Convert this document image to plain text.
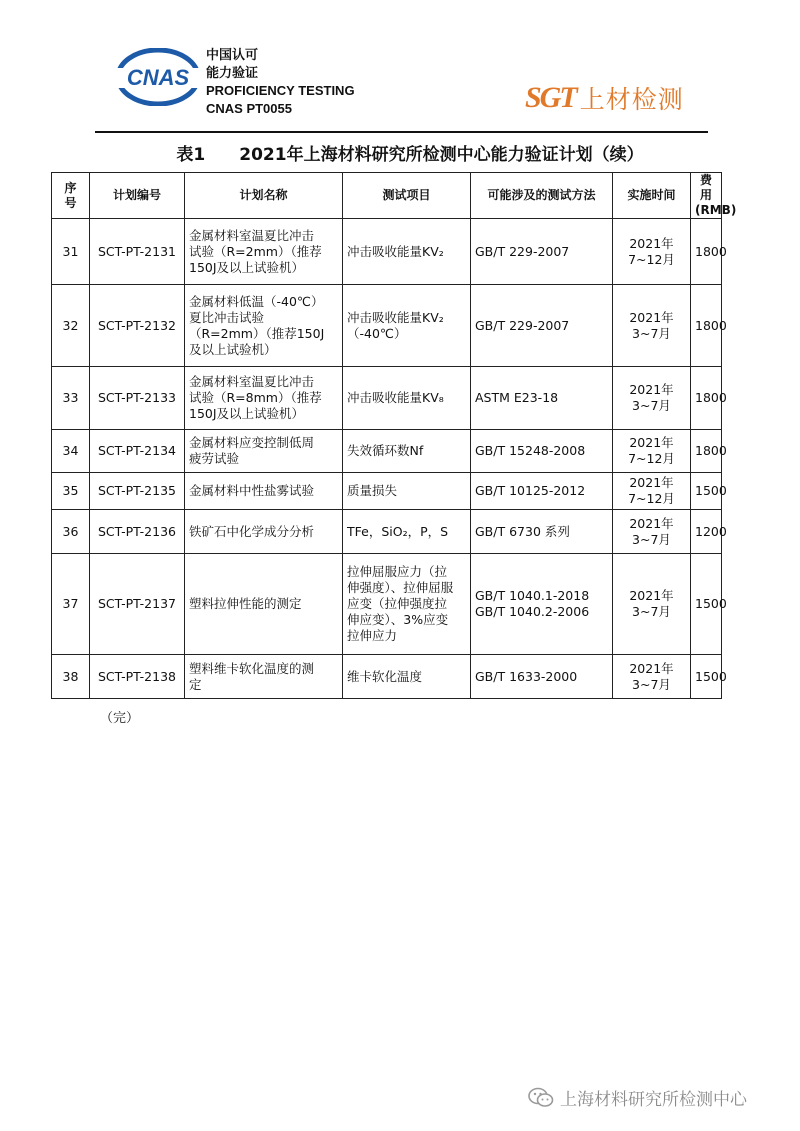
CNAS
中国认可
能力验证
PROFICIENCY TESTING
CNAS PT0055	SGT 上材检测
表1 2021年上海材料研究所检测中心能力验证计划（续）
序
号	计划编号	计划名称	测试项目	可能涉及的测试方法	实施时间	费用
(RMB)

31	SCT-PT-2131	金属材料室温夏比冲击
试验（R=2mm）（推荐
150J及以上试验机）	冲击吸收能量KV₂	GB/T 229-2007	2021年
7~12月	1800
32	SCT-PT-2132	金属材料低温（-40℃）
夏比冲击试验
（R=2mm）（推荐150J
及以上试验机）	冲击吸收能量KV₂
（-40℃）	GB/T 229-2007	2021年
3~7月	1800
33	SCT-PT-2133	金属材料室温夏比冲击
试验（R=8mm）（推荐
150J及以上试验机）	冲击吸收能量KV₈	ASTM E23-18	2021年
3~7月	1800
34	SCT-PT-2134	金属材料应变控制低周
疲劳试验	失效循环数Nf	GB/T 15248-2008	2021年
7~12月	1800
35	SCT-PT-2135	金属材料中性盐雾试验	质量损失	GB/T 10125-2012	2021年
7~12月	1500
36	SCT-PT-2136	铁矿石中化学成分分析	TFe，SiO₂，P，S	GB/T 6730 系列	2021年
3~7月	1200
37	SCT-PT-2137	塑料拉伸性能的测定	拉伸屈服应力（拉
伸强度）、拉伸屈服
应变（拉伸强度拉
伸应变）、3%应变
拉伸应力	GB/T 1040.1-2018
GB/T 1040.2-2006	2021年
3~7月	1500
38	SCT-PT-2138	塑料维卡软化温度的测
定	维卡软化温度	GB/T 1633-2000	2021年
3~7月	1500
（完）
上海材料研究所检测中心
